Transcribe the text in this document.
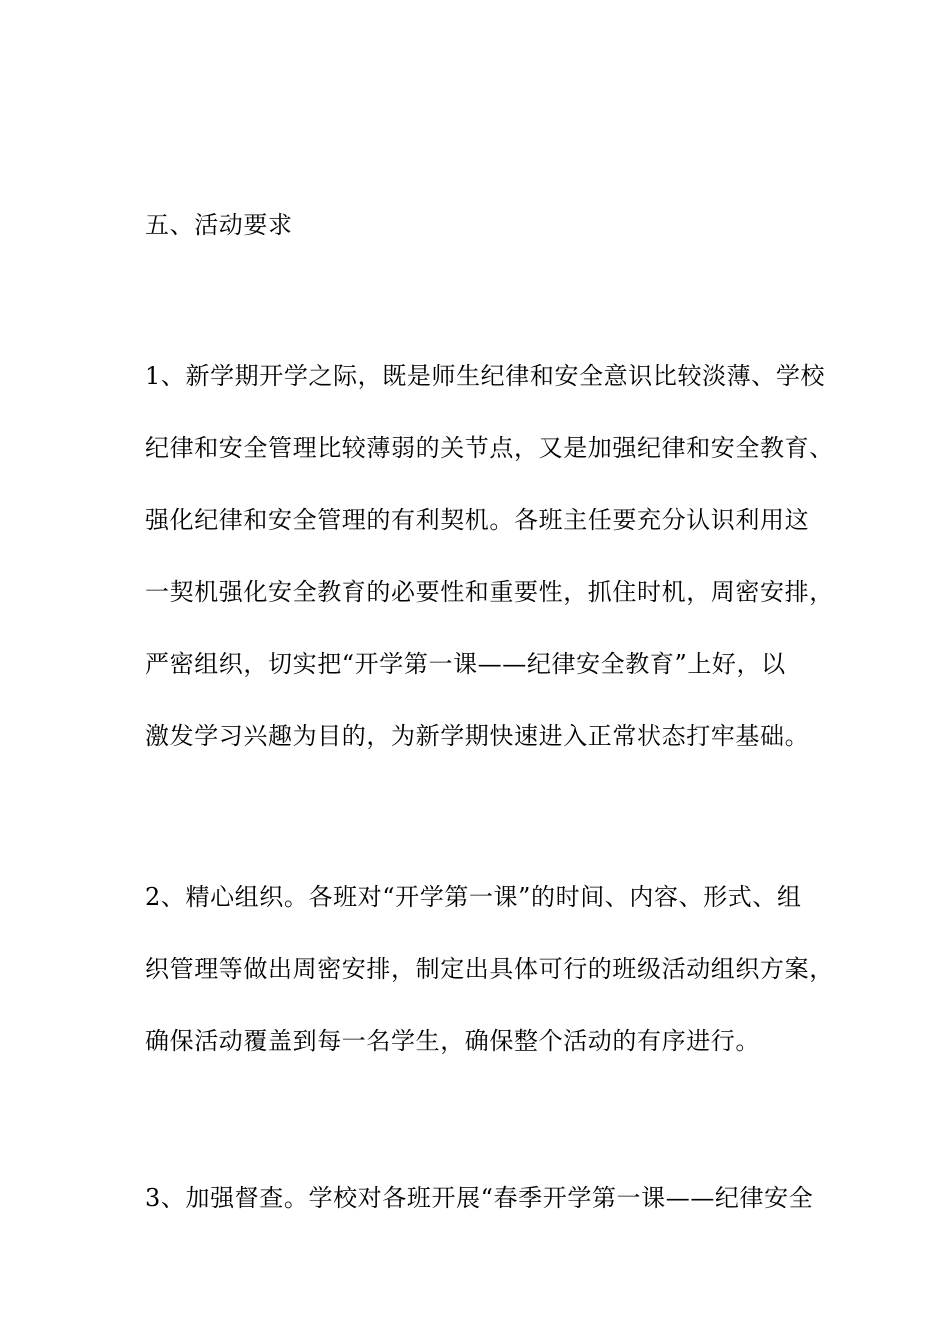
五、活动要求
1、新学期开学之际，既是师生纪律和安全意识比较淡薄、学校
纪律和安全管理比较薄弱的关节点，又是加强纪律和安全教育、
强化纪律和安全管理的有利契机。各班主任要充分认识利用这
一契机强化安全教育的必要性和重要性，抓住时机，周密安排，
严密组织，切实把“开学第一课——纪律安全教育”上好，以
激发学习兴趣为目的，为新学期快速进入正常状态打牢基础。
2、精心组织。各班对“开学第一课”的时间、内容、形式、组
织管理等做出周密安排，制定出具体可行的班级活动组织方案，
确保活动覆盖到每一名学生，确保整个活动的有序进行。
3、加强督查。学校对各班开展“春季开学第一课——纪律安全
